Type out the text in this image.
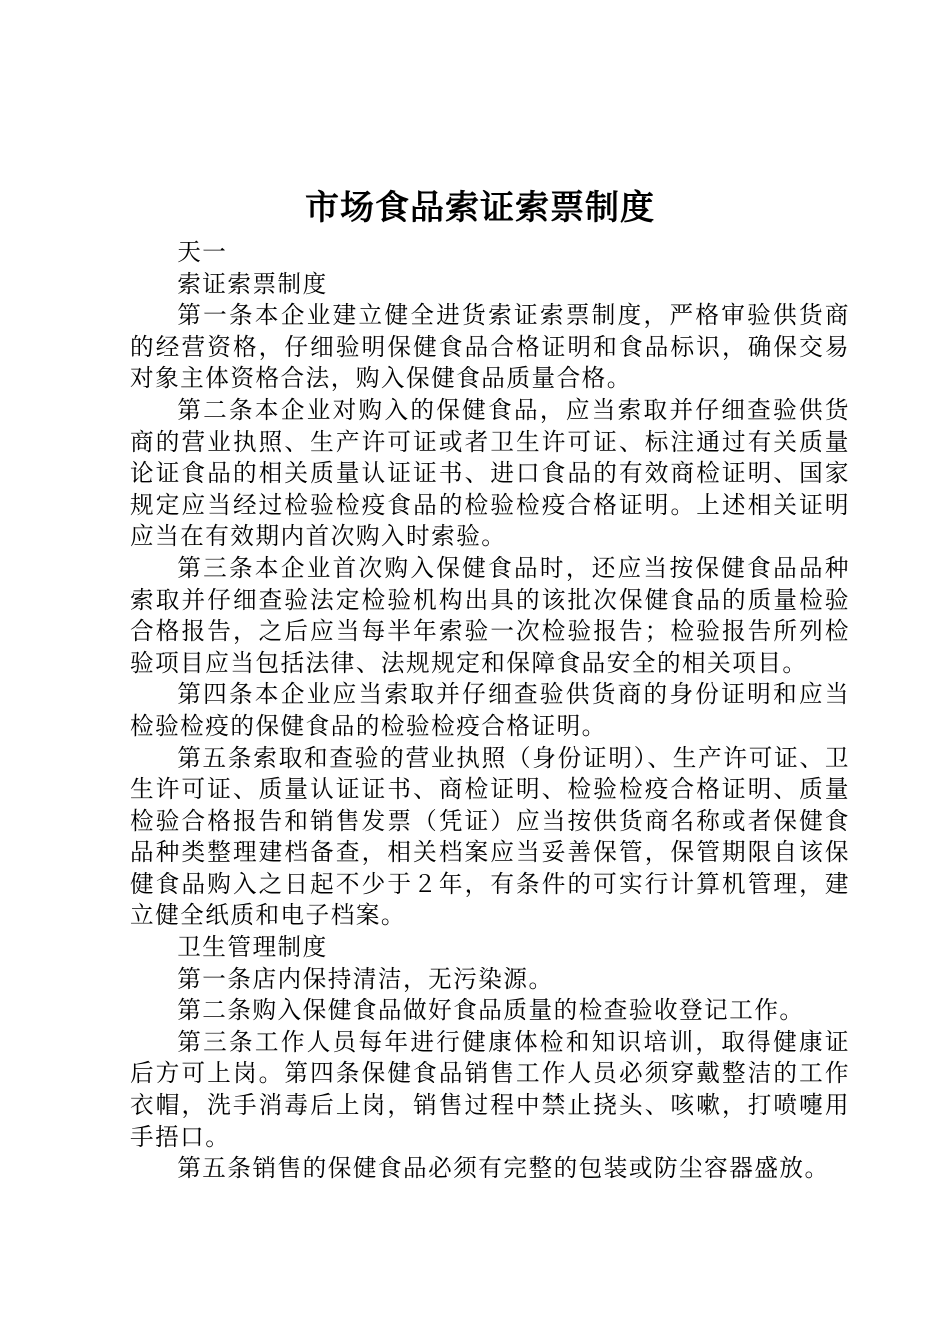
市场食品索证索票制度

天一

索证索票制度

第一条本企业建立健全进货索证索票制度，严格审验供货商的经营资格，仔细验明保健食品合格证明和食品标识，确保交易对象主体资格合法，购入保健食品质量合格。

第二条本企业对购入的保健食品，应当索取并仔细查验供货商的营业执照、生产许可证或者卫生许可证、标注通过有关质量论证食品的相关质量认证证书、进口食品的有效商检证明、国家规定应当经过检验检疫食品的检验检疫合格证明。上述相关证明应当在有效期内首次购入时索验。

第三条本企业首次购入保健食品时，还应当按保健食品品种索取并仔细查验法定检验机构出具的该批次保健食品的质量检验合格报告，之后应当每半年索验一次检验报告；检验报告所列检验项目应当包括法律、法规规定和保障食品安全的相关项目。

第四条本企业应当索取并仔细查验供货商的身份证明和应当检验检疫的保健食品的检验检疫合格证明。

第五条索取和查验的营业执照（身份证明）、生产许可证、卫生许可证、质量认证证书、商检证明、检验检疫合格证明、质量检验合格报告和销售发票（凭证）应当按供货商名称或者保健食品种类整理建档备查，相关档案应当妥善保管，保管期限自该保健食品购入之日起不少于２年，有条件的可实行计算机管理，建立健全纸质和电子档案。

卫生管理制度

第一条店内保持清洁，无污染源。

第二条购入保健食品做好食品质量的检查验收登记工作。

第三条工作人员每年进行健康体检和知识培训，取得健康证后方可上岗。第四条保健食品销售工作人员必须穿戴整洁的工作衣帽，洗手消毒后上岗，销售过程中禁止挠头、咳嗽，打喷嚏用手捂口。

第五条销售的保健食品必须有完整的包装或防尘容器盛放。
